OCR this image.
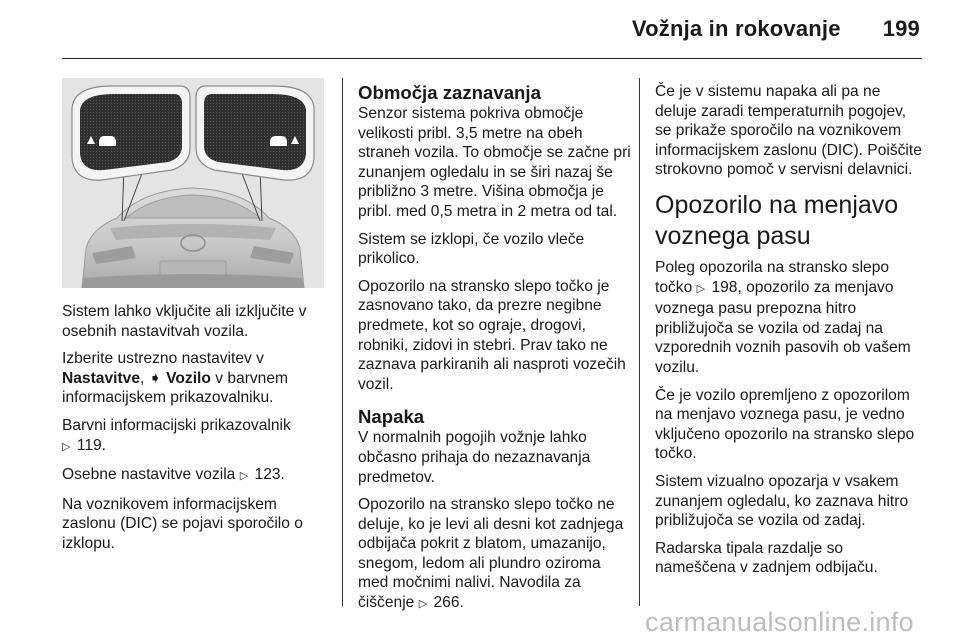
Vožnja in rokovanje 199

Sistem lahko vključite ali izključite v osebnih nastavitvah vozila.

Izberite ustrezno nastavitev v
Nastavitve, ➧ Vozilo v barvnem informacijskem prikazovalniku.

Barvni informacijski prikazovalnik
▷ 119.

Osebne nastavitve vozila ▷ 123.

Na voznikovem informacijskem zaslonu (DIC) se pojavi sporočilo o izklopu.

Območja zaznavanja

Senzor sistema pokriva območje velikosti pribl. 3,5 metre na obeh straneh vozila. To območje se začne pri zunanjem ogledalu in se širi nazaj še približno 3 metre. Višina območja je pribl. med 0,5 metra in 2 metra od tal.

Sistem se izklopi, če vozilo vleče prikolico.

Opozorilo na stransko slepo točko je zasnovano tako, da prezre negibne predmete, kot so ograje, drogovi, robniki, zidovi in stebri. Prav tako ne zaznava parkiranih ali nasproti vozečih vozil.

Napaka

V normalnih pogojih vožnje lahko občasno prihaja do nezaznavanja predmetov.

Opozorilo na stransko slepo točko ne deluje, ko je levi ali desni kot zadnjega odbijača pokrit z blatom, umazanijo, snegom, ledom ali plundro oziroma med močnimi nalivi. Navodila za čiščenje ▷ 266.

Če je v sistemu napaka ali pa ne deluje zaradi temperaturnih pogojev, se prikaže sporočilo na voznikovem informacijskem zaslonu (DIC). Poiščite strokovno pomoč v servisni delavnici.

Opozorilo na menjavo voznega pasu

Poleg opozorila na stransko slepo točko ▷ 198, opozorilo za menjavo voznega pasu prepozna hitro približujoča se vozila od zadaj na vzporednih voznih pasovih ob vašem vozilu.

Če je vozilo opremljeno z opozorilom na menjavo voznega pasu, je vedno vključeno opozorilo na stransko slepo točko.

Sistem vizualno opozarja v vsakem zunanjem ogledalu, ko zaznava hitro približujoča se vozila od zadaj.

Radarska tipala razdalje so nameščena v zadnjem odbijaču.

carmanualsonline.info
